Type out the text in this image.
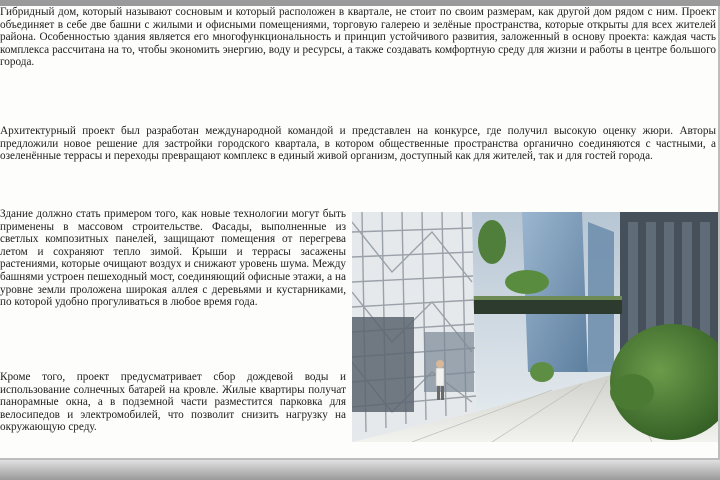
Гибридный дом, который называют сосновым и который расположен в квартале, не стоит по своим размерам, как другой дом рядом с ним. Проект объединяет в себе две башни с жилыми и офисными помещениями, торговую галерею и зелёные пространства, которые открыты для всех жителей района. Особенностью здания является его многофункциональность и принцип устойчивого развития, заложенный в основу проекта: каждая часть комплекса рассчитана на то, чтобы экономить энергию, воду и ресурсы, а также создавать комфортную среду для жизни и работы в центре большого города.

Архитектурный проект был разработан международной командой и представлен на конкурсе, где получил высокую оценку жюри. Авторы предложили новое решение для застройки городского квартала, в котором общественные пространства органично соединяются с частными, а озеленённые террасы и переходы превращают комплекс в единый живой организм, доступный как для жителей, так и для гостей города.

Здание должно стать примером того, как новые технологии могут быть применены в массовом строительстве. Фасады, выполненные из светлых композитных панелей, защищают помещения от перегрева летом и сохраняют тепло зимой. Крыши и террасы засажены растениями, которые очищают воздух и снижают уровень шума. Между башнями устроен пешеходный мост, соединяющий офисные этажи, а на уровне земли проложена широкая аллея с деревьями и кустарниками, по которой удобно прогуливаться в любое время года.

Кроме того, проект предусматривает сбор дождевой воды и использование солнечных батарей на кровле. Жилые квартиры получат панорамные окна, а в подземной части разместится парковка для велосипедов и электромобилей, что позволит снизить нагрузку на окружающую среду.
